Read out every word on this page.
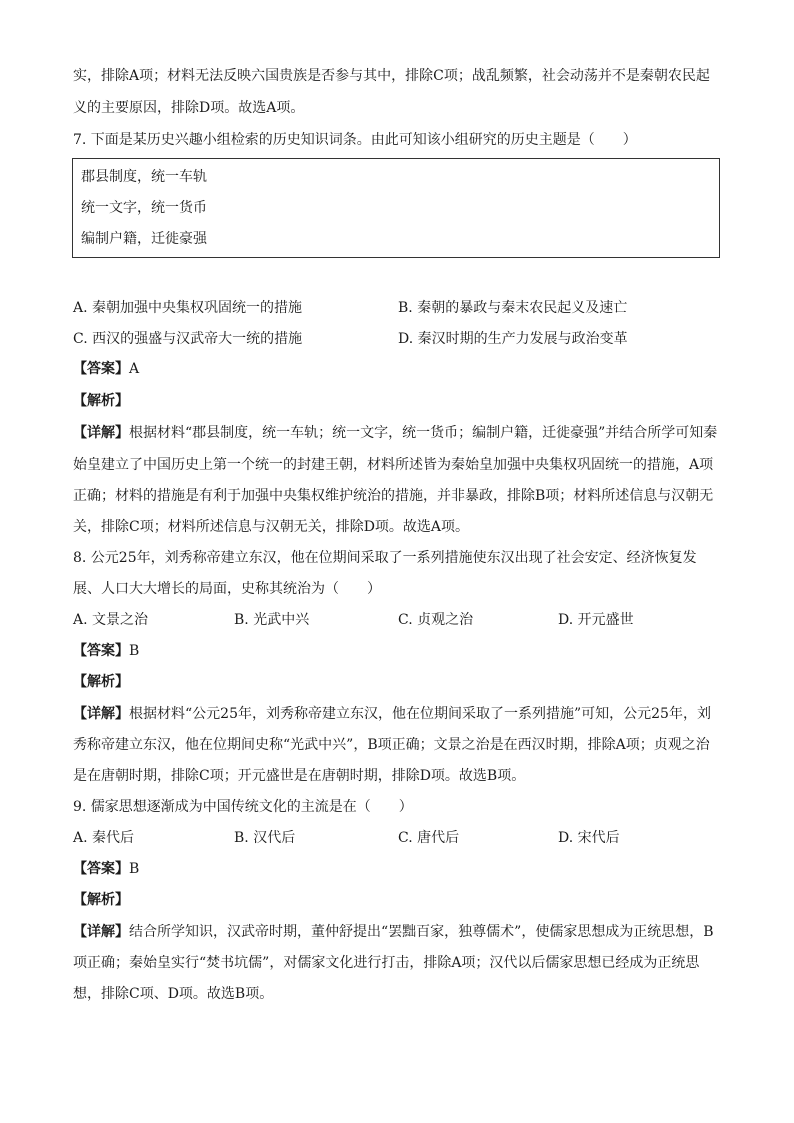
实，排除A项；材料无法反映六国贵族是否参与其中，排除C项；战乱频繁，社会动荡并不是秦朝农民起
义的主要原因，排除D项。故选A项。
7. 下面是某历史兴趣小组检索的历史知识词条。由此可知该小组研究的历史主题是（　　）
郡县制度，统一车轨
统一文字，统一货币
编制户籍，迁徙豪强
A. 秦朝加强中央集权巩固统一的措施	B. 秦朝的暴政与秦末农民起义及速亡
C. 西汉的强盛与汉武帝大一统的措施	D. 秦汉时期的生产力发展与政治变革
【答案】A
【解析】
【详解】根据材料“郡县制度，统一车轨；统一文字，统一货币；编制户籍，迁徙豪强”并结合所学可知秦
始皇建立了中国历史上第一个统一的封建王朝，材料所述皆为秦始皇加强中央集权巩固统一的措施，A项
正确；材料的措施是有利于加强中央集权维护统治的措施，并非暴政，排除B项；材料所述信息与汉朝无
关，排除C项；材料所述信息与汉朝无关，排除D项。故选A项。
8. 公元25年，刘秀称帝建立东汉，他在位期间采取了一系列措施使东汉出现了社会安定、经济恢复发
展、人口大大增长的局面，史称其统治为（　　）
A. 文景之治	B. 光武中兴	C. 贞观之治	D. 开元盛世
【答案】B
【解析】
【详解】根据材料“公元25年，刘秀称帝建立东汉，他在位期间采取了一系列措施”可知，公元25年，刘
秀称帝建立东汉，他在位期间史称“光武中兴”，B项正确；文景之治是在西汉时期，排除A项；贞观之治
是在唐朝时期，排除C项；开元盛世是在唐朝时期，排除D项。故选B项。
9. 儒家思想逐渐成为中国传统文化的主流是在（　　）
A. 秦代后	B. 汉代后	C. 唐代后	D. 宋代后
【答案】B
【解析】
【详解】结合所学知识，汉武帝时期，董仲舒提出“罢黜百家，独尊儒术”，使儒家思想成为正统思想，B
项正确；秦始皇实行“焚书坑儒”，对儒家文化进行打击，排除A项；汉代以后儒家思想已经成为正统思
想，排除C项、D项。故选B项。
